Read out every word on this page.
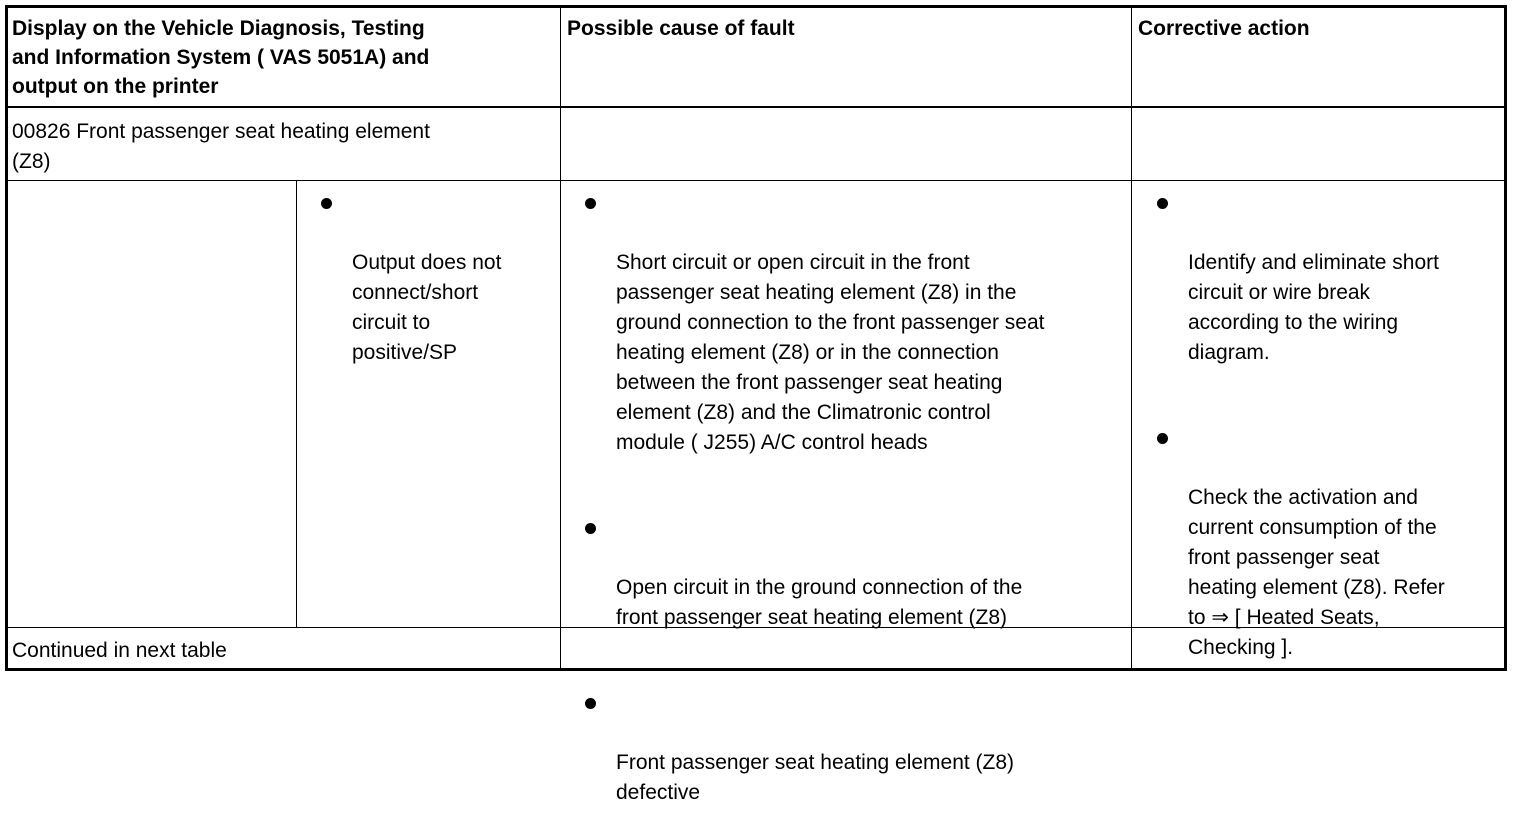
Display on the Vehicle Diagnosis, Testing
and Information System ( VAS 5051A) and
output on the printer
Possible cause of fault	Corrective action
00826 Front passenger seat heating element
(Z8)

Output does not
connect/short
circuit to
positive/SP

Short circuit or open circuit in the front
passenger seat heating element (Z8) in the
ground connection to the front passenger seat
heating element (Z8) or in the connection
between the front passenger seat heating
element (Z8) and the Climatronic control
module ( J255) A/C control heads

Open circuit in the ground connection of the
front passenger seat heating element (Z8)

Front passenger seat heating element (Z8)
defective

Identify and eliminate short
circuit or wire break
according to the wiring
diagram.

Check the activation and
current consumption of the
front passenger seat
heating element (Z8). Refer
to ⇒ [ Heated Seats,
Checking ].

Continued in next table
